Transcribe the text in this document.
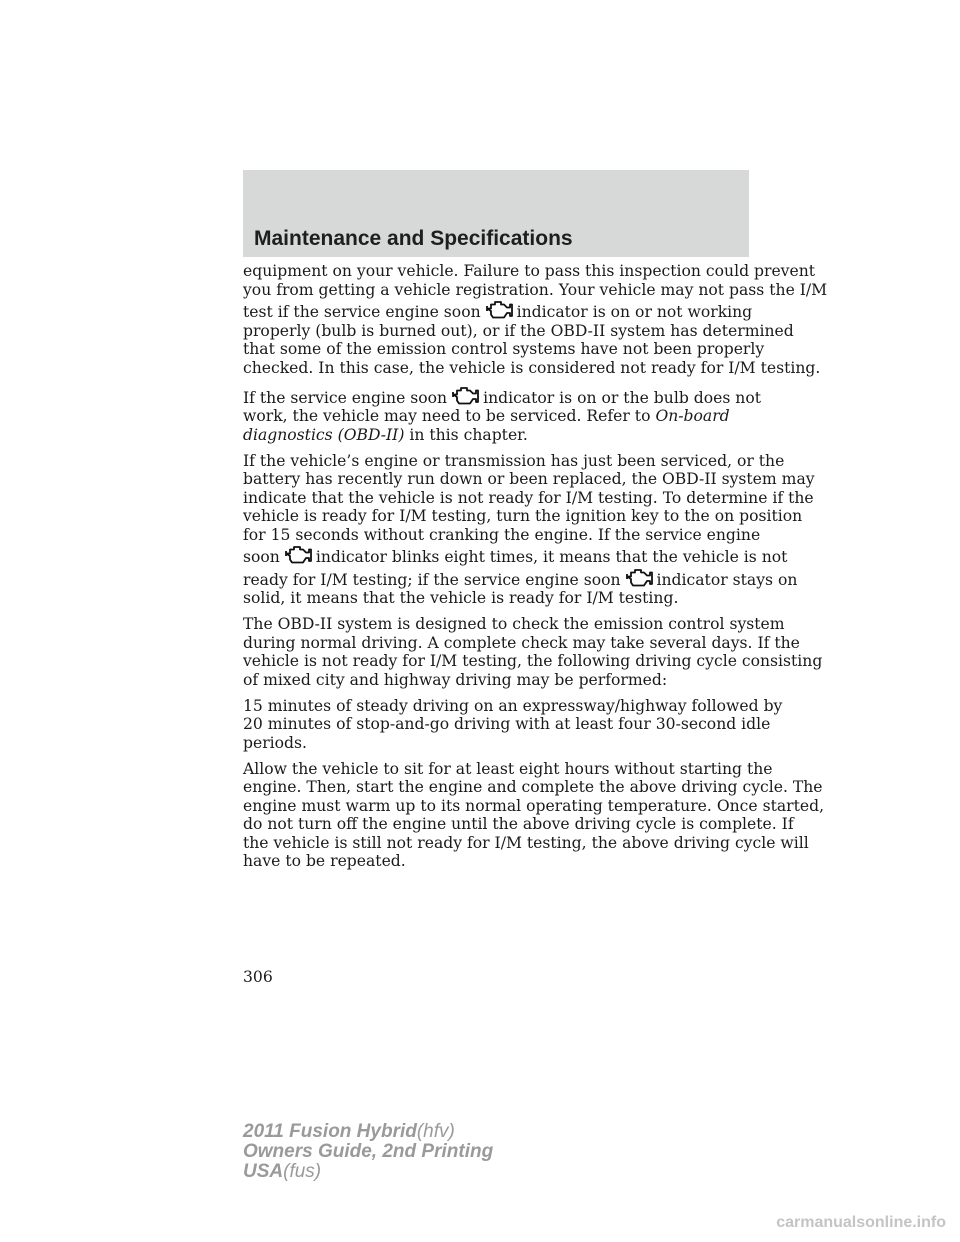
Maintenance and Specifications

equipment on your vehicle. Failure to pass this inspection could prevent
you from getting a vehicle registration. Your vehicle may not pass the I/M
test if the service engine soon indicator is on or not working
properly (bulb is burned out), or if the OBD-II system has determined
that some of the emission control systems have not been properly
checked. In this case, the vehicle is considered not ready for I/M testing.

If the service engine soon indicator is on or the bulb does not
work, the vehicle may need to be serviced. Refer to On-board
diagnostics (OBD-II) in this chapter.

If the vehicle’s engine or transmission has just been serviced, or the
battery has recently run down or been replaced, the OBD-II system may
indicate that the vehicle is not ready for I/M testing. To determine if the
vehicle is ready for I/M testing, turn the ignition key to the on position
for 15 seconds without cranking the engine. If the service engine
soon indicator blinks eight times, it means that the vehicle is not
ready for I/M testing; if the service engine soon indicator stays on
solid, it means that the vehicle is ready for I/M testing.

The OBD-II system is designed to check the emission control system
during normal driving. A complete check may take several days. If the
vehicle is not ready for I/M testing, the following driving cycle consisting
of mixed city and highway driving may be performed:

15 minutes of steady driving on an expressway/highway followed by
20 minutes of stop-and-go driving with at least four 30-second idle
periods.

Allow the vehicle to sit for at least eight hours without starting the
engine. Then, start the engine and complete the above driving cycle. The
engine must warm up to its normal operating temperature. Once started,
do not turn off the engine until the above driving cycle is complete. If
the vehicle is still not ready for I/M testing, the above driving cycle will
have to be repeated.

306
2011 Fusion Hybrid(hfv)
Owners Guide, 2nd Printing
USA(fus)
carmanualsonline.info
